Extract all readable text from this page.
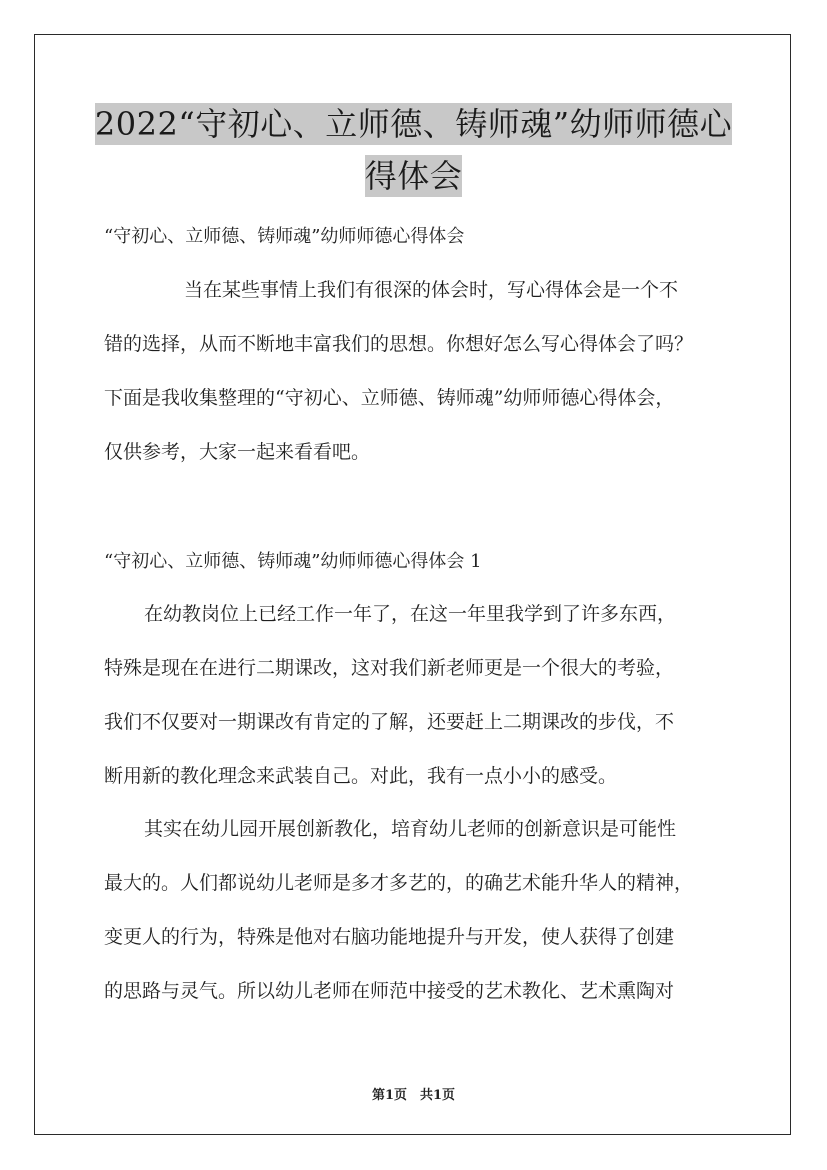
2022“守初心、立师德、铸师魂”幼师师德心
得体会
“守初心、立师德、铸师魂”幼师师德心得体会
当在某些事情上我们有很深的体会时，写心得体会是一个不
错的选择，从而不断地丰富我们的思想。你想好怎么写心得体会了吗？
下面是我收集整理的“守初心、立师德、铸师魂”幼师师德心得体会，
仅供参考，大家一起来看看吧。
“守初心、立师德、铸师魂”幼师师德心得体会 1
在幼教岗位上已经工作一年了，在这一年里我学到了许多东西，
特殊是现在在进行二期课改，这对我们新老师更是一个很大的考验，
我们不仅要对一期课改有肯定的了解，还要赶上二期课改的步伐，不
断用新的教化理念来武装自己。对此，我有一点小小的感受。
其实在幼儿园开展创新教化，培育幼儿老师的创新意识是可能性
最大的。人们都说幼儿老师是多才多艺的，的确艺术能升华人的精神，
变更人的行为，特殊是他对右脑功能地提升与开发，使人获得了创建
的思路与灵气。所以幼儿老师在师范中接受的艺术教化、艺术熏陶对
第1页　共1页
